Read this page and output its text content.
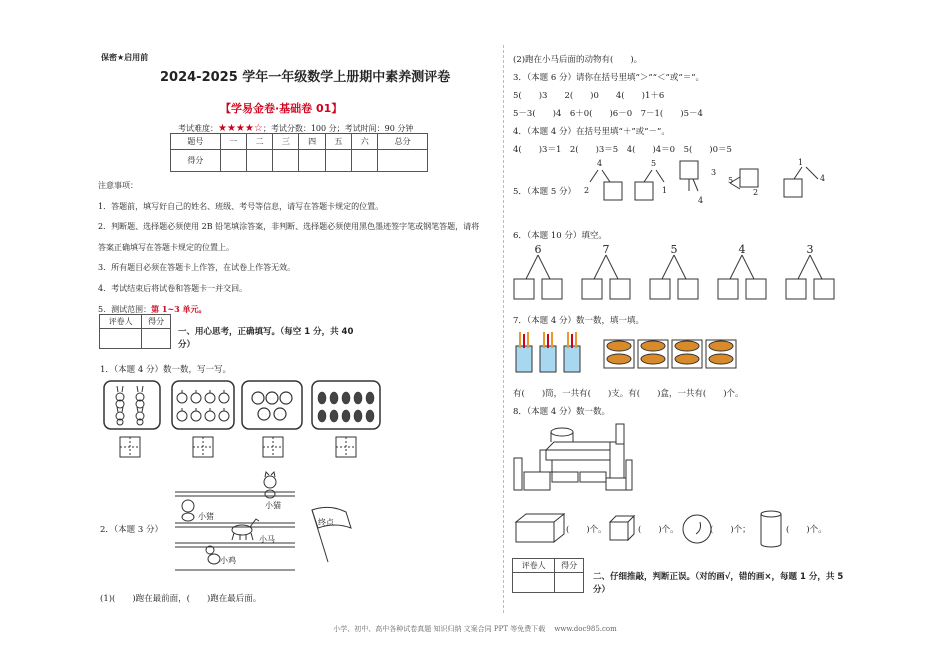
保密★启用前
2024-2025 学年一年级数学上册期中素养测评卷
【学易金卷·基础卷 01】
考试难度：★★★★☆；考试分数：100 分；考试时间：90 分钟
题号	一	二	三	四	五	六	总分
得分							
注意事项：
1．答题前，填写好自己的姓名、班级、考号等信息，请写在答题卡规定的位置。
2．判断题、选择题必须使用 2B 铅笔填涂答案，非判断、选择题必须使用黑色墨迹签字笔或钢笔答题，请将
答案正确填写在答题卡规定的位置上。
3．所有题目必须在答题卡上作答，在试卷上作答无效。
4．考试结束后将试卷和答题卡一并交回。
5．测试范围：第 1~3 单元。
评卷人	得分

一、用心思考，正确填写。（每空 1 分，共 40
分）
1．（本题 4 分）数一数，写一写。
小猪
小猫
小马
小鸡
终点
2．（本题 3 分）
(1)(　　)跑在最前面，(　　)跑在最后面。
(2)跑在小马后面的动物有(　　)。
3．（本题 6 分）请你在括号里填“＞”“＜”或“＝”。
5(　　)3　　2(　　)0　　4(　　)1＋6
5－3(　　)4　6＋0(　　)6－0　7－1(　　)5－4
4．（本题 4 分）在括号里填“＋”或“－”。
4(　　)3＝1　2(　　)3＝5　4(　　)4＝0　5(　　)0＝5
5．（本题 5 分）
4
2
5
1
3
4
5
2
1
4
6．（本题 10 分）填空。
6	7	5	4	3
7．（本题 4 分）数一数，填一填。
有(　　)筒，一共有(　　)支。有(　　)盒，一共有(　　)个。
8．（本题 4 分）数一数。
(　　)个。	(　　)个。	(　　)个；	(　　)个。
评卷人	得分

二、仔细推敲，判断正误。（对的画√，错的画×，每题 1 分，共 5
分）
小学、初中、高中各种试卷真题 知识归纳 文案合同 PPT 等免费下载　 www.doc985.com
